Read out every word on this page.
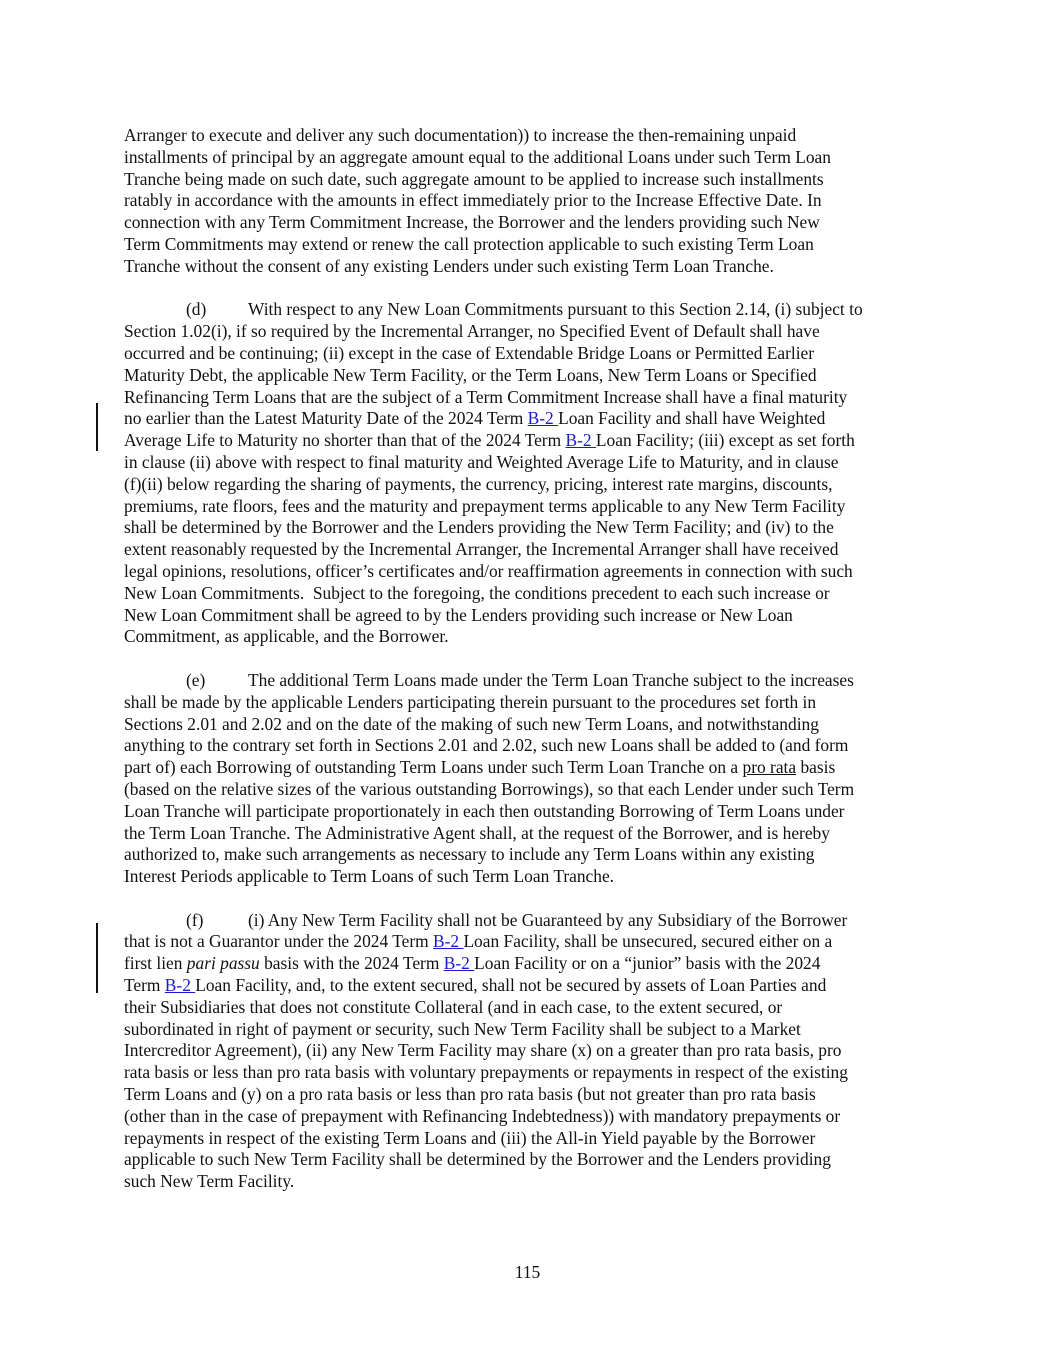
Arranger to execute and deliver any such documentation)) to increase the then-remaining unpaid
installments of principal by an aggregate amount equal to the additional Loans under such Term Loan
Tranche being made on such date, such aggregate amount to be applied to increase such installments
ratably in accordance with the amounts in effect immediately prior to the Increase Effective Date. In
connection with any Term Commitment Increase, the Borrower and the lenders providing such New
Term Commitments may extend or renew the call protection applicable to such existing Term Loan
Tranche without the consent of any existing Lenders under such existing Term Loan Tranche.
(d) With respect to any New Loan Commitments pursuant to this Section 2.14, (i) subject to
Section 1.02(i), if so required by the Incremental Arranger, no Specified Event of Default shall have
occurred and be continuing; (ii) except in the case of Extendable Bridge Loans or Permitted Earlier
Maturity Debt, the applicable New Term Facility, or the Term Loans, New Term Loans or Specified
Refinancing Term Loans that are the subject of a Term Commitment Increase shall have a final maturity
no earlier than the Latest Maturity Date of the 2024 Term B-2 Loan Facility and shall have Weighted
Average Life to Maturity no shorter than that of the 2024 Term B-2 Loan Facility; (iii) except as set forth
in clause (ii) above with respect to final maturity and Weighted Average Life to Maturity, and in clause
(f)(ii) below regarding the sharing of payments, the currency, pricing, interest rate margins, discounts,
premiums, rate floors, fees and the maturity and prepayment terms applicable to any New Term Facility
shall be determined by the Borrower and the Lenders providing the New Term Facility; and (iv) to the
extent reasonably requested by the Incremental Arranger, the Incremental Arranger shall have received
legal opinions, resolutions, officer’s certificates and/or reaffirmation agreements in connection with such
New Loan Commitments.  Subject to the foregoing, the conditions precedent to each such increase or
New Loan Commitment shall be agreed to by the Lenders providing such increase or New Loan
Commitment, as applicable, and the Borrower.
(e) The additional Term Loans made under the Term Loan Tranche subject to the increases
shall be made by the applicable Lenders participating therein pursuant to the procedures set forth in
Sections 2.01 and 2.02 and on the date of the making of such new Term Loans, and notwithstanding
anything to the contrary set forth in Sections 2.01 and 2.02, such new Loans shall be added to (and form
part of) each Borrowing of outstanding Term Loans under such Term Loan Tranche on a pro rata basis
(based on the relative sizes of the various outstanding Borrowings), so that each Lender under such Term
Loan Tranche will participate proportionately in each then outstanding Borrowing of Term Loans under
the Term Loan Tranche. The Administrative Agent shall, at the request of the Borrower, and is hereby
authorized to, make such arrangements as necessary to include any Term Loans within any existing
Interest Periods applicable to Term Loans of such Term Loan Tranche.
(f)	(i) Any New Term Facility shall not be Guaranteed by any Subsidiary of the Borrower
that is not a Guarantor under the 2024 Term B-2 Loan Facility, shall be unsecured, secured either on a
first lien pari passu basis with the 2024 Term B-2 Loan Facility or on a “junior” basis with the 2024
Term B-2 Loan Facility, and, to the extent secured, shall not be secured by assets of Loan Parties and
their Subsidiaries that does not constitute Collateral (and in each case, to the extent secured, or
subordinated in right of payment or security, such New Term Facility shall be subject to a Market
Intercreditor Agreement), (ii) any New Term Facility may share (x) on a greater than pro rata basis, pro
rata basis or less than pro rata basis with voluntary prepayments or repayments in respect of the existing
Term Loans and (y) on a pro rata basis or less than pro rata basis (but not greater than pro rata basis
(other than in the case of prepayment with Refinancing Indebtedness)) with mandatory prepayments or
repayments in respect of the existing Term Loans and (iii) the All-in Yield payable by the Borrower
applicable to such New Term Facility shall be determined by the Borrower and the Lenders providing
such New Term Facility.
115
